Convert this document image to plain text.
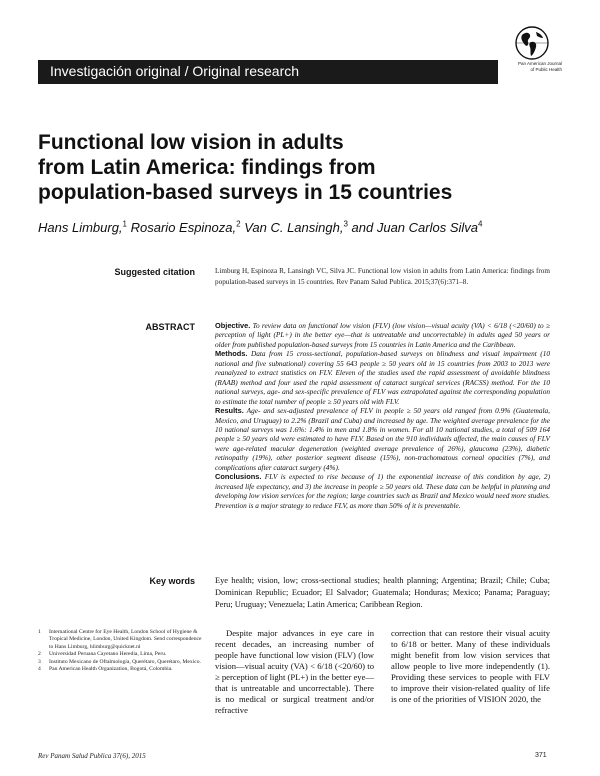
Investigación original / Original research	Pan American Journal
of Public Health
Functional low vision in adults
from Latin America: findings from
population-based surveys in 15 countries
Hans Limburg,$^1$ Rosario Espinoza,$^2$ Van C. Lansingh,$^3$ and Juan Carlos Silva$^4$
Suggested citation	Limburg H, Espinoza R, Lansingh VC, Silva JC. Functional low vision in adults from Latin America: findings from population-based surveys in 15 countries. Rev Panam Salud Publica. 2015;37(6):371–8.
ABSTRACT	Objective. To review data on functional low vision (FLV) (low vision—visual acuity (VA) < 6/18 (<20/60) to ≥ perception of light (PL+) in the better eye—that is untreatable and uncorrectable) in adults aged 50 years or older from published population-based surveys from 15 countries in Latin America and the Caribbean.

Methods. Data from 15 cross-sectional, population-based surveys on blindness and visual impairment (10 national and five subnational) covering 55 643 people ≥ 50 years old in 15 countries from 2003 to 2013 were reanalyzed to extract statistics on FLV. Eleven of the studies used the rapid assessment of avoidable blindness (RAAB) method and four used the rapid assessment of cataract surgical services (RACSS) method. For the 10 national surveys, age- and sex-specific prevalence of FLV was extrapolated against the corresponding population to estimate the total number of people ≥ 50 years old with FLV.

Results. Age- and sex-adjusted prevalence of FLV in people ≥ 50 years old ranged from 0.9% (Guatemala, Mexico, and Uruguay) to 2.2% (Brazil and Cuba) and increased by age. The weighted average prevalence for the 10 national surveys was 1.6%: 1.4% in men and 1.8% in women. For all 10 national studies, a total of 509 164 people ≥ 50 years old were estimated to have FLV. Based on the 910 individuals affected, the main causes of FLV were age-related macular degeneration (weighted average prevalence of 26%), glaucoma (23%), diabetic retinopathy (19%), other posterior segment disease (15%), non-trachomatous corneal opacities (7%), and complications after cataract surgery (4%).

Conclusions. FLV is expected to rise because of 1) the exponential increase of this condition by age, 2) increased life expectancy, and 3) the increase in people ≥ 50 years old. These data can be helpful in planning and developing low vision services for the region; large countries such as Brazil and Mexico would need more studies. Prevention is a major strategy to reduce FLV, as more than 50% of it is preventable.

Key words Eye health; vision, low; cross-sectional studies; health planning; Argentina; Brazil; Chile; Cuba; Dominican Republic; Ecuador; El Salvador; Guatemala; Honduras; Mexico; Panama; Paraguay; Peru; Uruguay; Venezuela; Latin America; Caribbean Region.
1 International Centre for Eye Health, London School of Hygiene & Tropical Medicine, London, United Kingdom. Send correspondence to Hans Limburg, hlimburg@quicknet.nl
2 Universidad Peruana Cayetano Heredia, Lima, Peru.
3 Instituto Mexicano de Oftalmología, Querétaro, Querétaro, Mexico.
4 Pan American Health Organization, Bogotá, Colombia.

Despite major advances in eye care in recent decades, an increasing number of people have functional low vision (FLV) (low vision—visual acuity (VA) < 6/18 (<20/60) to ≥ perception of light (PL+) in the better eye—that is untreatable and uncorrectable). There is no medical or surgical treatment and/or refractive

correction that can restore their visual acuity to 6/18 or better. Many of these individuals might benefit from low vision services that allow people to live more independently (1). Providing these services to people with FLV to improve their vision-related quality of life is one of the priorities of VISION 2020, the

Rev Panam Salud Publica 37(6), 2015	371
